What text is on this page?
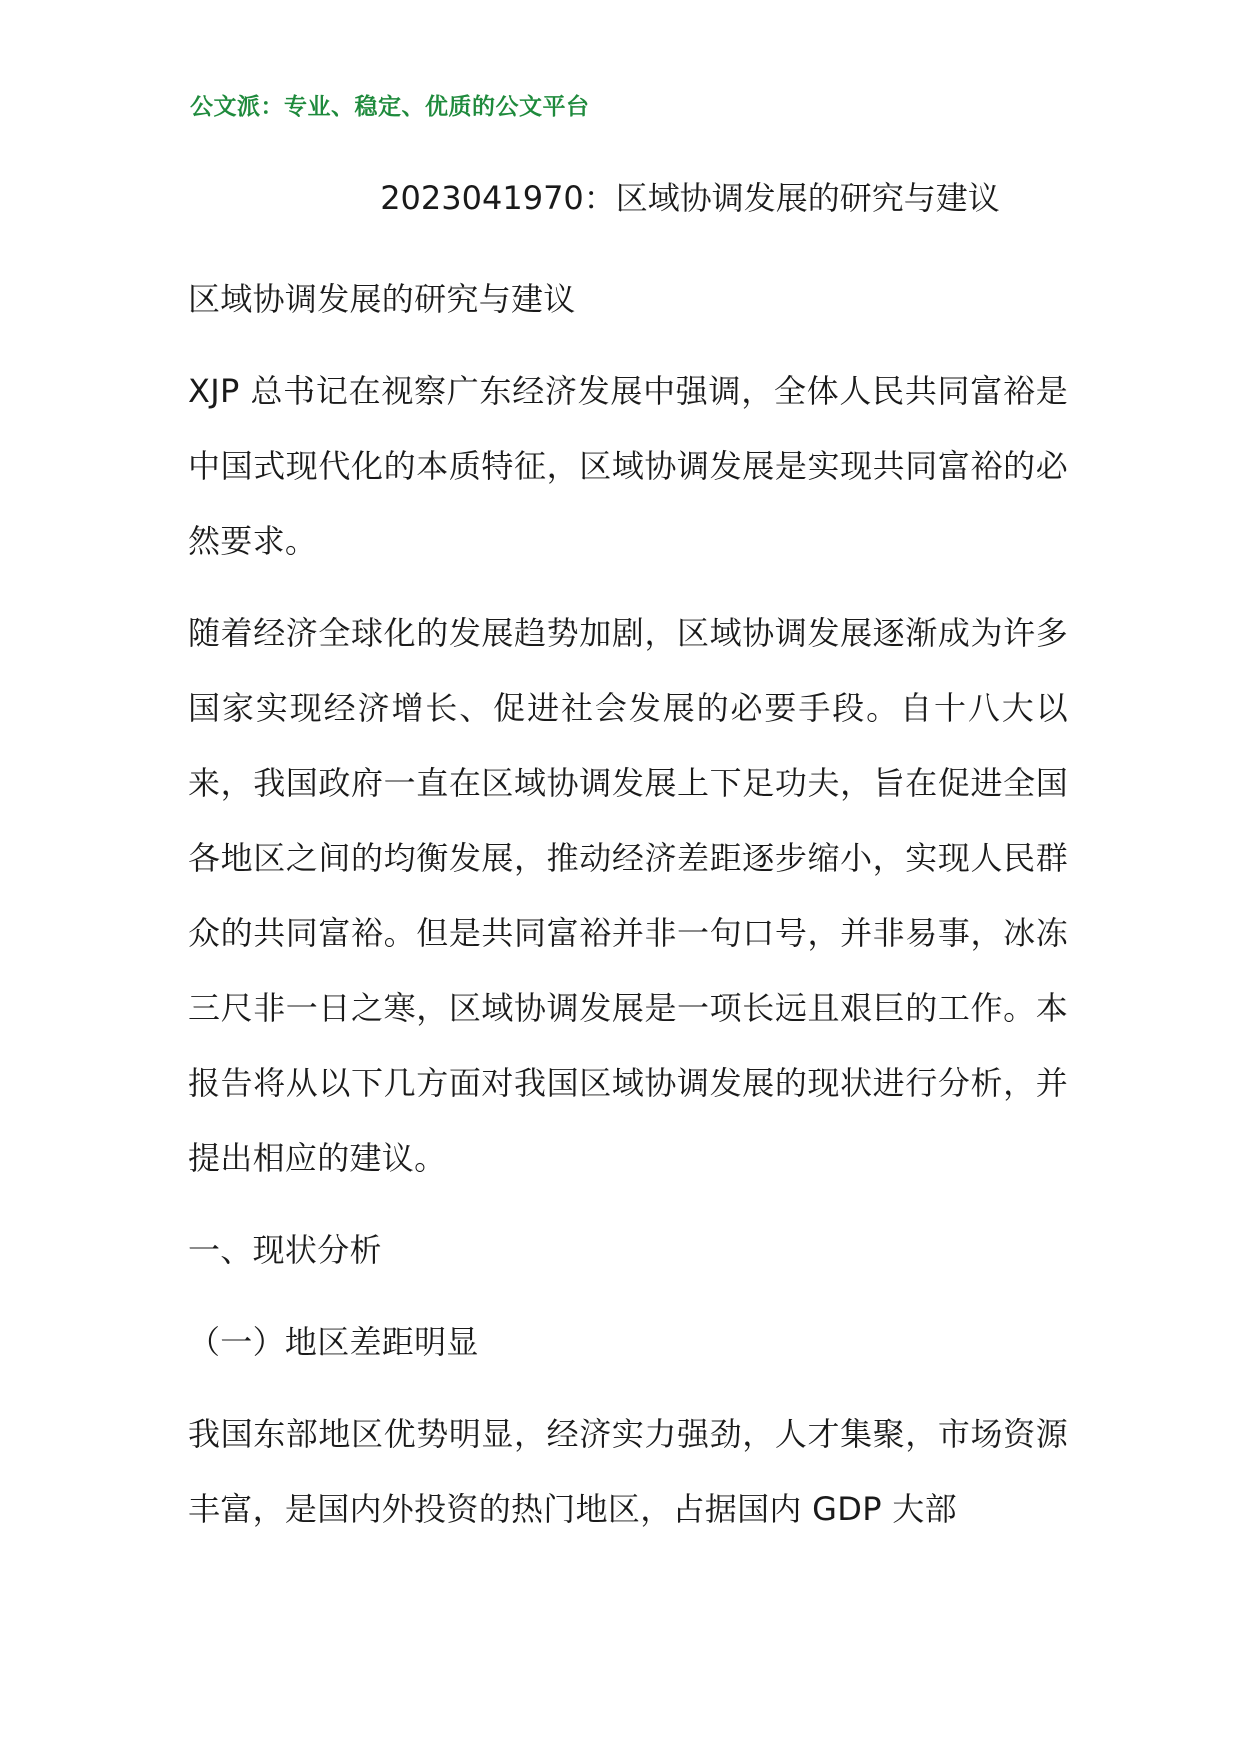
公文派：专业、稳定、优质的公文平台
2023041970：区域协调发展的研究与建议

区域协调发展的研究与建议

XJP 总书记在视察广东经济发展中强调，全体人民共同富裕是中国式现代化的本质特征，区域协调发展是实现共同富裕的必然要求。

随着经济全球化的发展趋势加剧，区域协调发展逐渐成为许多国家实现经济增长、促进社会发展的必要手段。自十八大以来，我国政府一直在区域协调发展上下足功夫，旨在促进全国各地区之间的均衡发展，推动经济差距逐步缩小，实现人民群众的共同富裕。但是共同富裕并非一句口号，并非易事，冰冻三尺非一日之寒，区域协调发展是一项长远且艰巨的工作。本报告将从以下几方面对我国区域协调发展的现状进行分析，并提出相应的建议。

一、现状分析

（一）地区差距明显

我国东部地区优势明显，经济实力强劲，人才集聚，市场资源丰富，是国内外投资的热门地区，占据国内 GDP 大部
